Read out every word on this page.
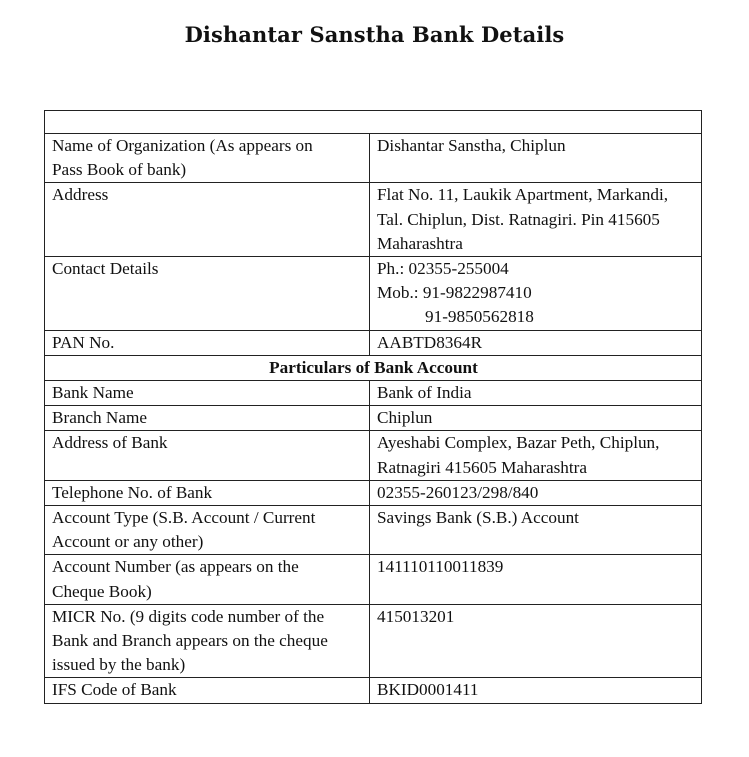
Dishantar Sanstha Bank Details

Name of Organization (As appears on
Pass Book of bank)	Dishantar Sanstha, Chiplun

Address	Flat No. 11, Laukik Apartment, Markandi,
Tal. Chiplun, Dist. Ratnagiri. Pin 415605
Maharashtra

Contact Details	Ph.: 02355-255004
Mob.: 91-9822987410
91-9850562818

PAN No.	AABTD8364R

Particulars of Bank Account	

Bank Name	Bank of India

Branch Name	Chiplun

Address of Bank	Ayeshabi Complex, Bazar Peth, Chiplun,
Ratnagiri 415605 Maharashtra

Telephone No. of Bank	02355-260123/298/840

Account Type (S.B. Account / Current
Account or any other)	Savings Bank (S.B.) Account

Account Number (as appears on the
Cheque Book)	141110110011839

MICR No. (9 digits code number of the
Bank and Branch appears on the cheque
issued by the bank)	415013201

IFS Code of Bank	BKID0001411
